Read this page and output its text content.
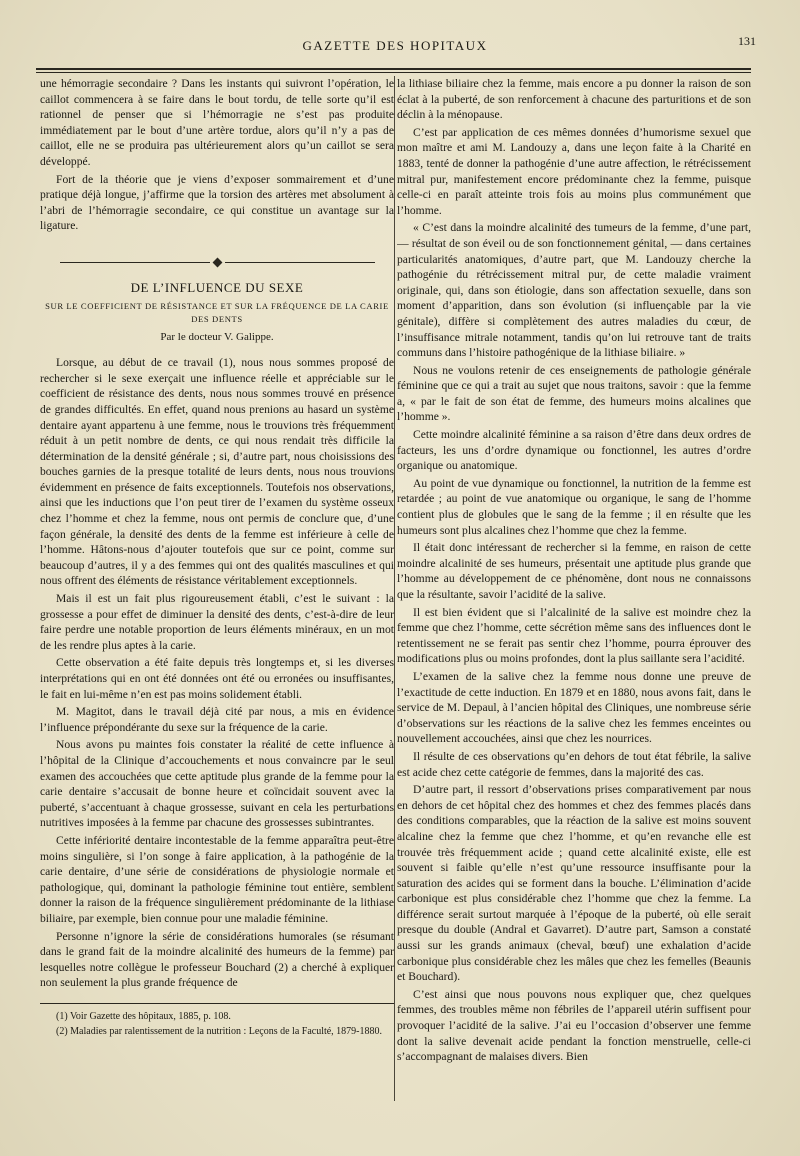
GAZETTE DES HOPITAUX	131

une hémorragie secondaire ? Dans les instants qui suivront l’opération, le caillot commencera à se faire dans le bout tordu, de telle sorte qu’il est rationnel de penser que si l’hémorragie ne s’est pas produite immédiatement par le bout d’une artère tordue, alors qu’il n’y a pas de caillot, elle ne se produira pas ultérieurement alors qu’un caillot se sera développé.

Fort de la théorie que je viens d’exposer sommairement et d’une pratique déjà longue, j’affirme que la torsion des artères met absolument à l’abri de l’hémorragie secondaire, ce qui constitue un avantage sur la ligature.

DE L’INFLUENCE DU SEXE
SUR LE COEFFICIENT DE RÉSISTANCE ET SUR LA FRÉQUENCE DE LA CARIE DES DENTS
Par le docteur V. Galippe.

Lorsque, au début de ce travail (1), nous nous sommes proposé de rechercher si le sexe exerçait une influence réelle et appréciable sur le coefficient de résistance des dents, nous nous sommes trouvé en présence de grandes difficultés. En effet, quand nous prenions au hasard un système dentaire ayant appartenu à une femme, nous le trouvions très fréquemment réduit à un petit nombre de dents, ce qui nous rendait très difficile la détermination de la densité générale ; si, d’autre part, nous choisissions des bouches garnies de la presque totalité de leurs dents, nous nous trouvions évidemment en présence de faits exceptionnels. Toutefois nos observations, ainsi que les inductions que l’on peut tirer de l’examen du système osseux chez l’homme et chez la femme, nous ont permis de conclure que, d’une façon générale, la densité des dents de la femme est inférieure à celle de l’homme. Hâtons-nous d’ajouter toutefois que sur ce point, comme sur beaucoup d’autres, il y a des femmes qui ont des qualités masculines et qui nous offrent des éléments de résistance véritablement exceptionnels.

Mais il est un fait plus rigoureusement établi, c’est le suivant : la grossesse a pour effet de diminuer la densité des dents, c’est-à-dire de leur faire perdre une notable proportion de leurs éléments minéraux, en un mot de les rendre plus aptes à la carie.

Cette observation a été faite depuis très longtemps et, si les diverses interprétations qui en ont été données ont été ou erronées ou insuffisantes, le fait en lui-même n’en est pas moins solidement établi.

M. Magitot, dans le travail déjà cité par nous, a mis en évidence l’influence prépondérante du sexe sur la fréquence de la carie.

Nous avons pu maintes fois constater la réalité de cette influence à l’hôpital de la Clinique d’accouchements et nous convaincre par le seul examen des accouchées que cette aptitude plus grande de la femme pour la carie dentaire s’accusait de bonne heure et coïncidait souvent avec la puberté, s’accentuant à chaque grossesse, suivant en cela les perturbations nutritives imposées à la femme par chacune des grossesses subintrantes.

Cette infériorité dentaire incontestable de la femme apparaîtra peut-être moins singulière, si l’on songe à faire application, à la pathogénie de la carie dentaire, d’une série de considérations de physiologie normale et pathologique, qui, dominant la pathologie féminine tout entière, semblent donner la raison de la fréquence singulièrement prédominante de la lithiase biliaire, par exemple, bien connue pour une maladie féminine.

Personne n’ignore la série de considérations humorales (se résumant dans le grand fait de la moindre alcalinité des humeurs de la femme) par lesquelles notre collègue le professeur Bouchard (2) a cherché à expliquer non seulement la plus grande fréquence de

(1) Voir Gazette des hôpitaux, 1885, p. 108.

(2) Maladies par ralentissement de la nutrition : Leçons de la Faculté, 1879-1880.

la lithiase biliaire chez la femme, mais encore a pu donner la raison de son éclat à la puberté, de son renforcement à chacune des parturitions et de son déclin à la ménopause.

C’est par application de ces mêmes données d’humorisme sexuel que mon maître et ami M. Landouzy a, dans une leçon faite à la Charité en 1883, tenté de donner la pathogénie d’une autre affection, le rétrécissement mitral pur, manifestement encore prédominante chez la femme, puisque celle-ci en paraît atteinte trois fois au moins plus communément que l’homme.

« C’est dans la moindre alcalinité des tumeurs de la femme, d’une part, — résultat de son éveil ou de son fonctionnement génital, — dans certaines particularités anatomiques, d’autre part, que M. Landouzy cherche la pathogénie du rétrécissement mitral pur, de cette maladie vraiment originale, qui, dans son étiologie, dans son affectation sexuelle, dans son moment d’apparition, dans son évolution (si influençable par la vie génitale), diffère si complètement des autres maladies du cœur, de l’insuffisance mitrale notamment, tandis qu’on lui retrouve tant de traits communs dans l’histoire pathogénique de la lithiase biliaire. »

Nous ne voulons retenir de ces enseignements de pathologie générale féminine que ce qui a trait au sujet que nous traitons, savoir : que la femme a, « par le fait de son état de femme, des humeurs moins alcalines que l’homme ».

Cette moindre alcalinité féminine a sa raison d’être dans deux ordres de facteurs, les uns d’ordre dynamique ou fonctionnel, les autres d’ordre organique ou anatomique.

Au point de vue dynamique ou fonctionnel, la nutrition de la femme est retardée ; au point de vue anatomique ou organique, le sang de l’homme contient plus de globules que le sang de la femme ; il en résulte que les humeurs sont plus alcalines chez l’homme que chez la femme.

Il était donc intéressant de rechercher si la femme, en raison de cette moindre alcalinité de ses humeurs, présentait une aptitude plus grande que l’homme au développement de ce phénomène, dont nous ne connaissons que la résultante, savoir l’acidité de la salive.

Il est bien évident que si l’alcalinité de la salive est moindre chez la femme que chez l’homme, cette sécrétion même sans des influences dont le retentissement ne se ferait pas sentir chez l’homme, pourra éprouver des modifications plus ou moins profondes, dont la plus saillante sera l’acidité.

L’examen de la salive chez la femme nous donne une preuve de l’exactitude de cette induction. En 1879 et en 1880, nous avons fait, dans le service de M. Depaul, à l’ancien hôpital des Cliniques, une nombreuse série d’observations sur les réactions de la salive chez les femmes enceintes ou nouvellement accouchées, ainsi que chez les nourrices.

Il résulte de ces observations qu’en dehors de tout état fébrile, la salive est acide chez cette catégorie de femmes, dans la majorité des cas.

D’autre part, il ressort d’observations prises comparativement par nous en dehors de cet hôpital chez des hommes et chez des femmes placés dans des conditions comparables, que la réaction de la salive est moins souvent alcaline chez la femme que chez l’homme, et qu’en revanche elle est trouvée très fréquemment acide ; quand cette alcalinité existe, elle est souvent si faible qu’elle n’est qu’une ressource insuffisante pour la saturation des acides qui se forment dans la bouche. L’élimination d’acide carbonique est plus considérable chez l’homme que chez la femme. La différence serait surtout marquée à l’époque de la puberté, où elle serait presque du double (Andral et Gavarret). D’autre part, Samson a constaté aussi sur les grands animaux (cheval, bœuf) une exhalation d’acide carbonique plus considérable chez les mâles que chez les femelles (Beaunis et Bouchard).

C’est ainsi que nous pouvons nous expliquer que, chez quelques femmes, des troubles même non fébriles de l’appareil utérin suffisent pour provoquer l’acidité de la salive. J’ai eu l’occasion d’observer une femme dont la salive devenait acide pendant la fonction menstruelle, celle-ci s’accompagnant de malaises divers. Bien
